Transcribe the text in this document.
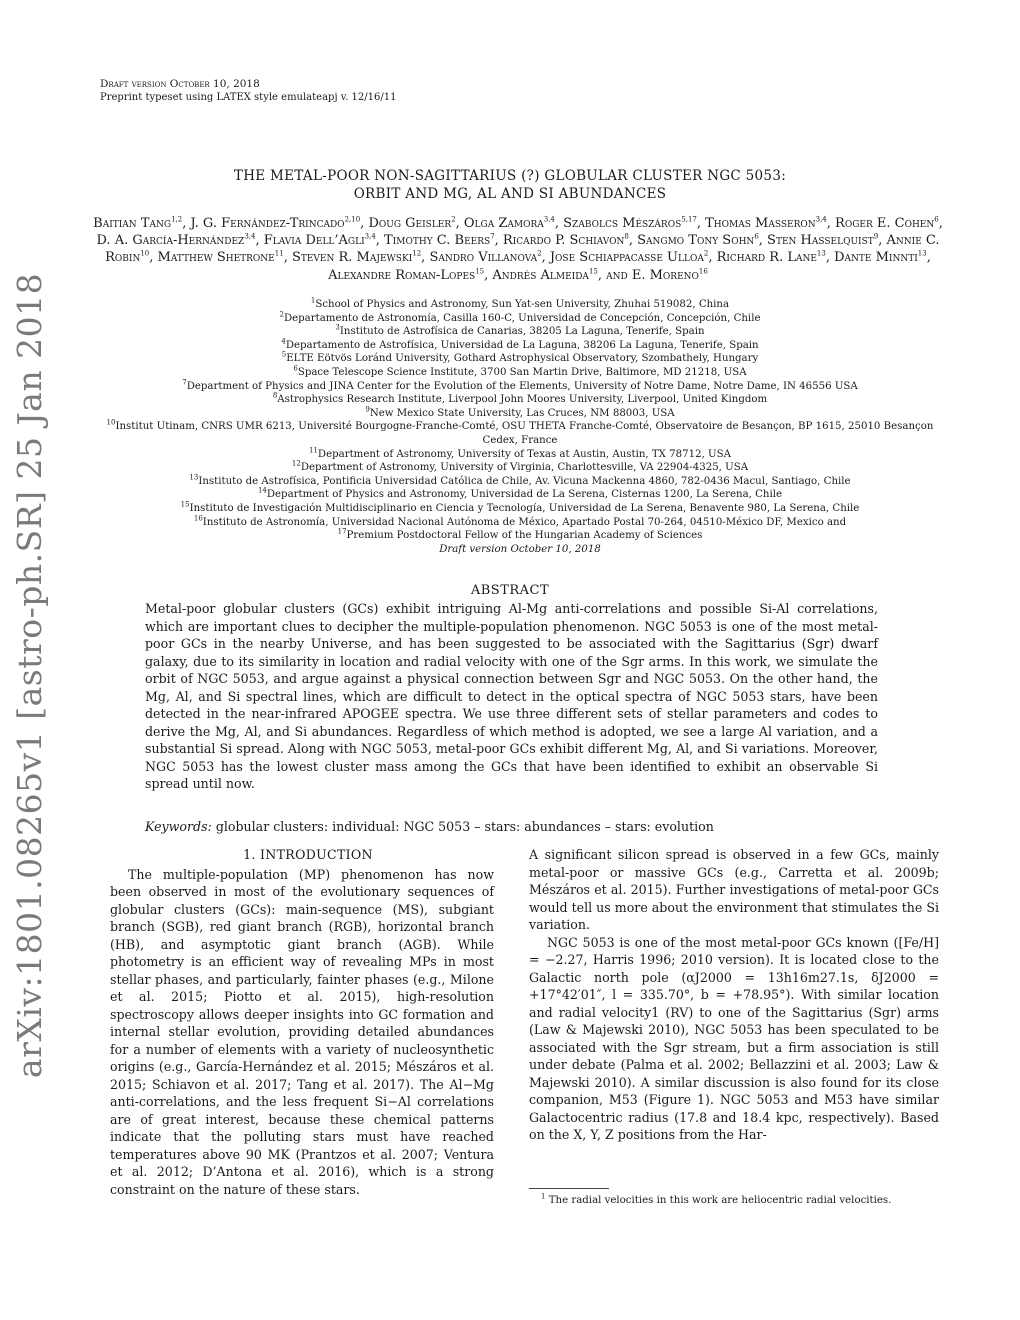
Draft version October 10, 2018
Preprint typeset using LATEX style emulateapj v. 12/16/11
arXiv:1801.08265v1 [astro-ph.SR] 25 Jan 2018
THE METAL-POOR NON-SAGITTARIUS (?) GLOBULAR CLUSTER NGC 5053:
ORBIT AND MG, AL AND SI ABUNDANCES
Baitian Tang$^{1,2}$, J. G. Fernández-Trincado$^{2,10}$, Doug Geisler$^2$, Olga Zamora$^{3,4}$, Szabolcs Mészáros$^{5,17}$, Thomas Masseron$^{3,4}$, Roger E. Cohen$^6$, D. A. García-Hernández$^{3,4}$, Flavia Dell’Agli$^{3,4}$, Timothy C. Beers$^7$, Ricardo P. Schiavon$^8$, Sangmo Tony Sohn$^6$, Sten Hasselquist$^9$, Annie C. Robin$^{10}$, Matthew Shetrone$^{11}$, Steven R. Majewski$^{12}$, Sandro Villanova$^2$, Jose Schiappacasse Ulloa$^2$, Richard R. Lane$^{13}$, Dante Minnti$^{13}$, Alexandre Roman-Lopes$^{15}$, Andrés Almeida$^{15}$, and E. Moreno$^{16}$
$^1$School of Physics and Astronomy, Sun Yat-sen University, Zhuhai 519082, China
$^2$Departamento de Astronomía, Casilla 160-C, Universidad de Concepción, Concepción, Chile
$^3$Instituto de Astrofísica de Canarias, 38205 La Laguna, Tenerife, Spain
$^4$Departamento de Astrofísica, Universidad de La Laguna, 38206 La Laguna, Tenerife, Spain
$^5$ELTE Eötvös Loránd University, Gothard Astrophysical Observatory, Szombathely, Hungary
$^6$Space Telescope Science Institute, 3700 San Martin Drive, Baltimore, MD 21218, USA
$^7$Department of Physics and JINA Center for the Evolution of the Elements, University of Notre Dame, Notre Dame, IN 46556 USA
$^8$Astrophysics Research Institute, Liverpool John Moores University, Liverpool, United Kingdom
$^9$New Mexico State University, Las Cruces, NM 88003, USA
$^{10}$Institut Utinam, CNRS UMR 6213, Université Bourgogne-Franche-Comté, OSU THETA Franche-Comté, Observatoire de Besançon, BP 1615, 25010 Besançon Cedex, France
$^{11}$Department of Astronomy, University of Texas at Austin, Austin, TX 78712, USA
$^{12}$Department of Astronomy, University of Virginia, Charlottesville, VA 22904-4325, USA
$^{13}$Instituto de Astrofísica, Pontificia Universidad Católica de Chile, Av. Vicuna Mackenna 4860, 782-0436 Macul, Santiago, Chile
$^{14}$Department of Physics and Astronomy, Universidad de La Serena, Cisternas 1200, La Serena, Chile
$^{15}$Instituto de Investigación Multidisciplinario en Ciencia y Tecnología, Universidad de La Serena, Benavente 980, La Serena, Chile
$^{16}$Instituto de Astronomía, Universidad Nacional Autónoma de México, Apartado Postal 70-264, 04510-México DF, Mexico and
$^{17}$Premium Postdoctoral Fellow of the Hungarian Academy of Sciences
Draft version October 10, 2018
ABSTRACT

Metal-poor globular clusters (GCs) exhibit intriguing Al-Mg anti-correlations and possible Si-Al correlations, which are important clues to decipher the multiple-population phenomenon. NGC 5053 is one of the most metal-poor GCs in the nearby Universe, and has been suggested to be associated with the Sagittarius (Sgr) dwarf galaxy, due to its similarity in location and radial velocity with one of the Sgr arms. In this work, we simulate the orbit of NGC 5053, and argue against a physical connection between Sgr and NGC 5053. On the other hand, the Mg, Al, and Si spectral lines, which are difficult to detect in the optical spectra of NGC 5053 stars, have been detected in the near-infrared APOGEE spectra. We use three different sets of stellar parameters and codes to derive the Mg, Al, and Si abundances. Regardless of which method is adopted, we see a large Al variation, and a substantial Si spread. Along with NGC 5053, metal-poor GCs exhibit different Mg, Al, and Si variations. Moreover, NGC 5053 has the lowest cluster mass among the GCs that have been identified to exhibit an observable Si spread until now.

Keywords: globular clusters: individual: NGC 5053 – stars: abundances – stars: evolution
1. INTRODUCTION

The multiple-population (MP) phenomenon has now been observed in most of the evolutionary sequences of globular clusters (GCs): main-sequence (MS), subgiant branch (SGB), red giant branch (RGB), horizontal branch (HB), and asymptotic giant branch (AGB). While photometry is an efficient way of revealing MPs in most stellar phases, and particularly, fainter phases (e.g., Milone et al. 2015; Piotto et al. 2015), high-resolution spectroscopy allows deeper insights into GC formation and internal stellar evolution, providing detailed abundances for a number of elements with a variety of nucleosynthetic origins (e.g., García-Hernández et al. 2015; Mészáros et al. 2015; Schiavon et al. 2017; Tang et al. 2017). The Al−Mg anti-correlations, and the less frequent Si−Al correlations are of great interest, because these chemical patterns indicate that the polluting stars must have reached temperatures above 90 MK (Prantzos et al. 2007; Ventura et al. 2012; D’Antona et al. 2016), which is a strong constraint on the nature of these stars.

A significant silicon spread is observed in a few GCs, mainly metal-poor or massive GCs (e.g., Carretta et al. 2009b; Mészáros et al. 2015). Further investigations of metal-poor GCs would tell us more about the environment that stimulates the Si variation.

NGC 5053 is one of the most metal-poor GCs known ([Fe/H] = −2.27, Harris 1996; 2010 version). It is located close to the Galactic north pole (αJ2000 = 13h16m27.1s, δJ2000 = +17°42′01″, l = 335.70°, b = +78.95°). With similar location and radial velocity1 (RV) to one of the Sagittarius (Sgr) arms (Law & Majewski 2010), NGC 5053 has been speculated to be associated with the Sgr stream, but a firm association is still under debate (Palma et al. 2002; Bellazzini et al. 2003; Law & Majewski 2010). A similar discussion is also found for its close companion, M53 (Figure 1). NGC 5053 and M53 have similar Galactocentric radius (17.8 and 18.4 kpc, respectively). Based on the X, Y, Z positions from the Har-

$^1$ The radial velocities in this work are heliocentric radial velocities.
